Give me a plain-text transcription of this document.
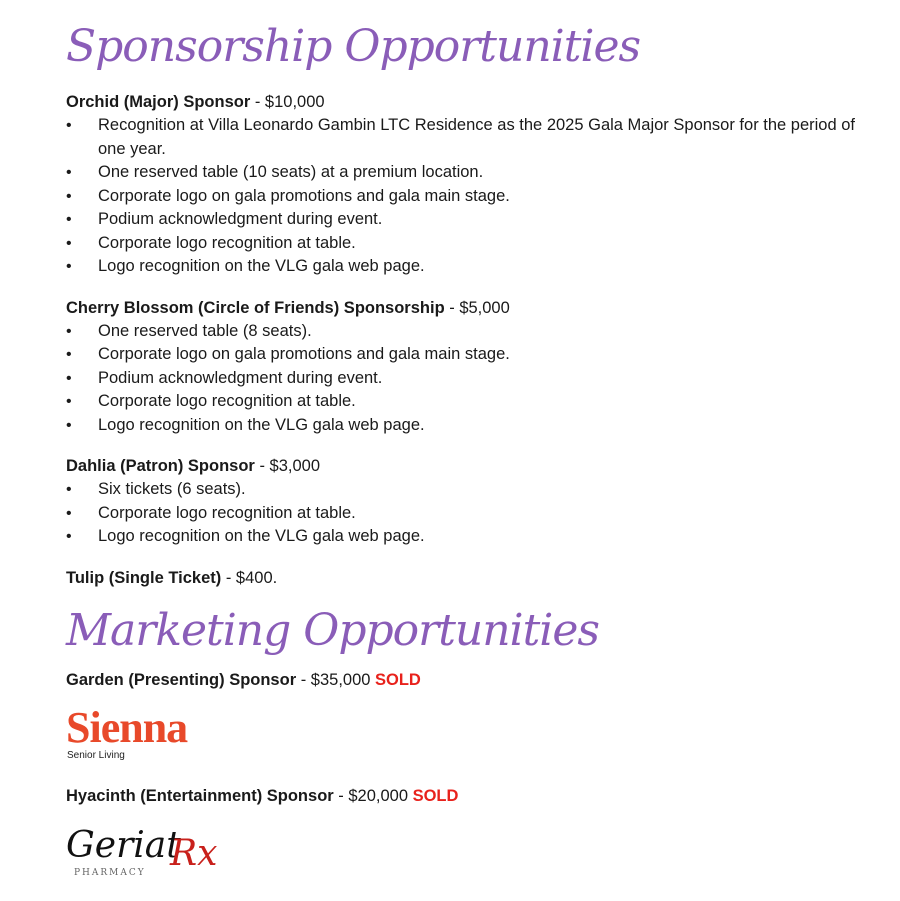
Sponsorship Opportunities

Orchid (Major) Sponsor - $10,000

• Recognition at Villa Leonardo Gambin LTC Residence as the 2025 Gala Major Sponsor for the period of one year.
• One reserved table (10 seats) at a premium location.
• Corporate logo on gala promotions and gala main stage.
• Podium acknowledgment during event.
• Corporate logo recognition at table.
• Logo recognition on the VLG gala web page.

Cherry Blossom (Circle of Friends) Sponsorship - $5,000

• One reserved table (8 seats).
• Corporate logo on gala promotions and gala main stage.
• Podium acknowledgment during event.
• Corporate logo recognition at table.
• Logo recognition on the VLG gala web page.

Dahlia (Patron) Sponsor - $3,000

• Six tickets (6 seats).
• Corporate logo recognition at table.
• Logo recognition on the VLG gala web page.

Tulip (Single Ticket) - $400.

Marketing Opportunities

Garden (Presenting) Sponsor - $35,000 SOLD

Sienna
Senior Living

Hyacinth (Entertainment) Sponsor - $20,000 SOLD

Geriat
Rx
PHARMACY
